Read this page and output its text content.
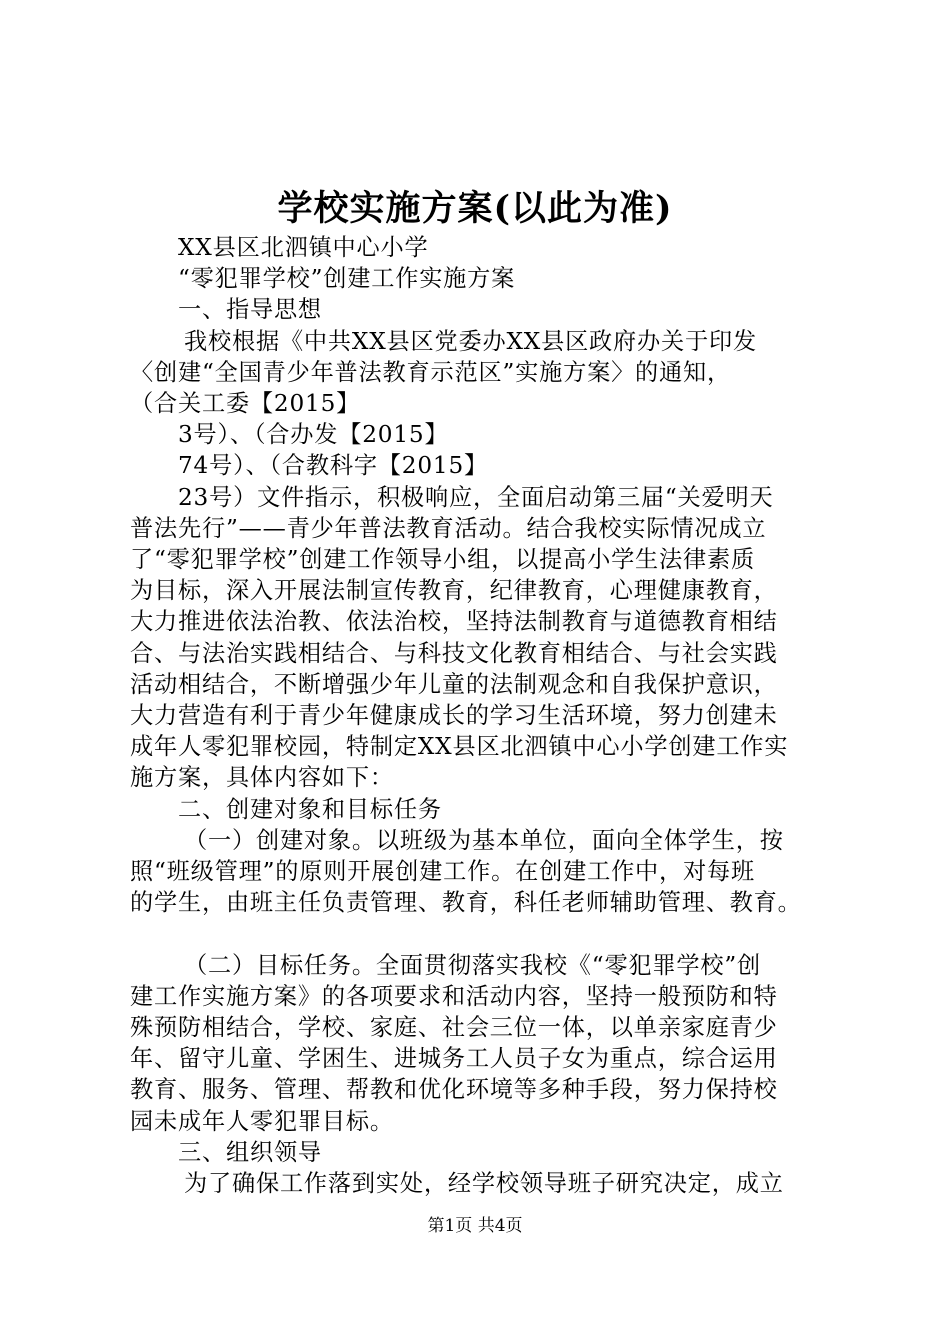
学校实施方案(以此为准)

XX县区北泗镇中心小学

“零犯罪学校”创建工作实施方案

一、指导思想

我校根据《中共XX县区党委办XX县区政府办关于印发

〈创建“全国青少年普法教育示范区”实施方案〉的通知，

（合关工委【2015】

3号）、（合办发【2015】

74号）、（合教科字【2015】

23号）文件指示，积极响应，全面启动第三届“关爱明天

普法先行”——青少年普法教育活动。结合我校实际情况成立

了“零犯罪学校”创建工作领导小组，以提高小学生法律素质

为目标，深入开展法制宣传教育，纪律教育，心理健康教育，

大力推进依法治教、依法治校，坚持法制教育与道德教育相结

合、与法治实践相结合、与科技文化教育相结合、与社会实践

活动相结合，不断增强少年儿童的法制观念和自我保护意识，

大力营造有利于青少年健康成长的学习生活环境，努力创建未

成年人零犯罪校园，特制定XX县区北泗镇中心小学创建工作实

施方案，具体内容如下：

二、创建对象和目标任务

（一）创建对象。以班级为基本单位，面向全体学生，按

照“班级管理”的原则开展创建工作。在创建工作中，对每班

的学生，由班主任负责管理、教育，科任老师辅助管理、教育。

（二）目标任务。全面贯彻落实我校《“零犯罪学校”创

建工作实施方案》的各项要求和活动内容，坚持一般预防和特

殊预防相结合，学校、家庭、社会三位一体，以单亲家庭青少

年、留守儿童、学困生、进城务工人员子女为重点，综合运用

教育、服务、管理、帮教和优化环境等多种手段，努力保持校

园未成年人零犯罪目标。

三、组织领导

为了确保工作落到实处，经学校领导班子研究决定，成立

第1页 共4页
